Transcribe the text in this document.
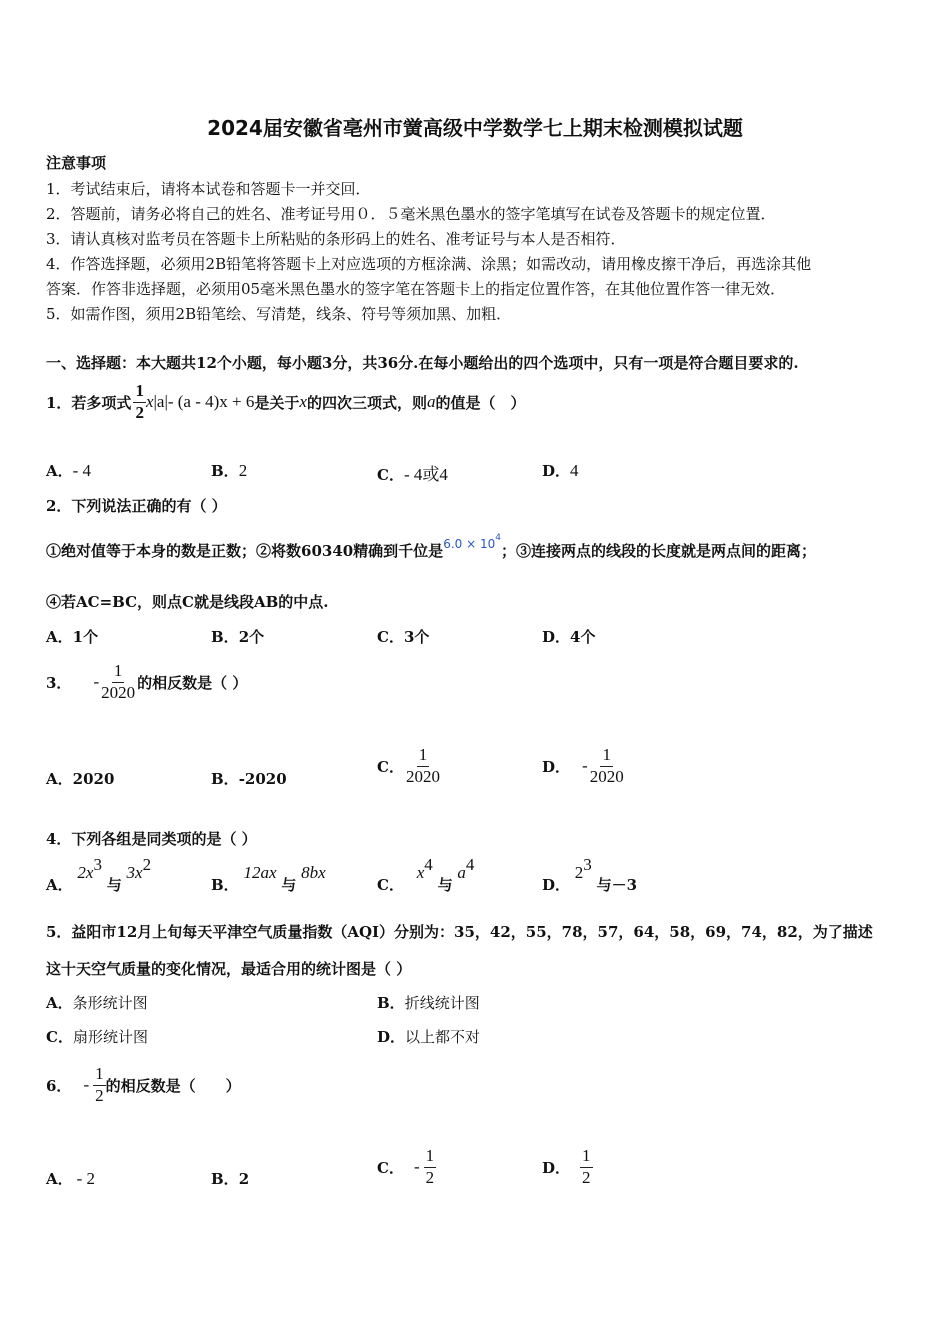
2024届安徽省亳州市黉高级中学数学七上期末检测模拟试题
注意事项
1．考试结束后，请将本试卷和答题卡一并交回．
2．答题前，请务必将自己的姓名、准考证号用０．５毫米黑色墨水的签字笔填写在试卷及答题卡的规定位置．
3．请认真核对监考员在答题卡上所粘贴的条形码上的姓名、准考证号与本人是否相符．
4．作答选择题，必须用2B铅笔将答题卡上对应选项的方框涂满、涂黑；如需改动，请用橡皮擦干净后，再选涂其他
答案．作答非选择题，必须用05毫米黑色墨水的签字笔在答题卡上的指定位置作答，在其他位置作答一律无效．
5．如需作图，须用2B铅笔绘、写清楚，线条、符号等须加黑、加粗．
一、选择题：本大题共12个小题，每小题3分，共36分.在每小题给出的四个选项中，只有一项是符合题目要求的.
1．若多项式 $\frac{1}{2}$ x |a| - (a - 4)x + 6 是关于 x 的四次三项式，则 a 的值是（　）
A．- 4	B．2	C．- 4或4	D．4
2．下列说法正确的有（ ）
①绝对值等于本身的数是正数；②将数60340精确到千位是$^{6.0 \times 10^4}$；③连接两点的线段的长度就是两点间的距离；
④若AC=BC，则点C就是线段AB的中点.
A．1个	B．2个	C．3个	D．4个
3． - $\frac{1}{2020}$ 的相反数是（ ）
A．2020	B．-2020
C． $\frac{1}{2020}$	D． - $\frac{1}{2020}$
4．下列各组是同类项的是（ ）
A． $2x^3$ 与 $3x^2$
B． 12ax 与 8bx
C． $x^4$ 与 $a^4$
D． $2^3$ 与－3
5．益阳市12月上旬每天平津空气质量指数（AQI）分别为：35，42，55，78，57，64，58，69，74，82，为了描述
这十天空气质量的变化情况，最适合用的统计图是（ ）
A．条形统计图	B．折线统计图
C．扇形统计图	D．以上都不对
6． - $\frac{1}{2}$ 的相反数是（　　）
A． - 2	B．2
C． - $\frac{1}{2}$	D． $\frac{1}{2}$
